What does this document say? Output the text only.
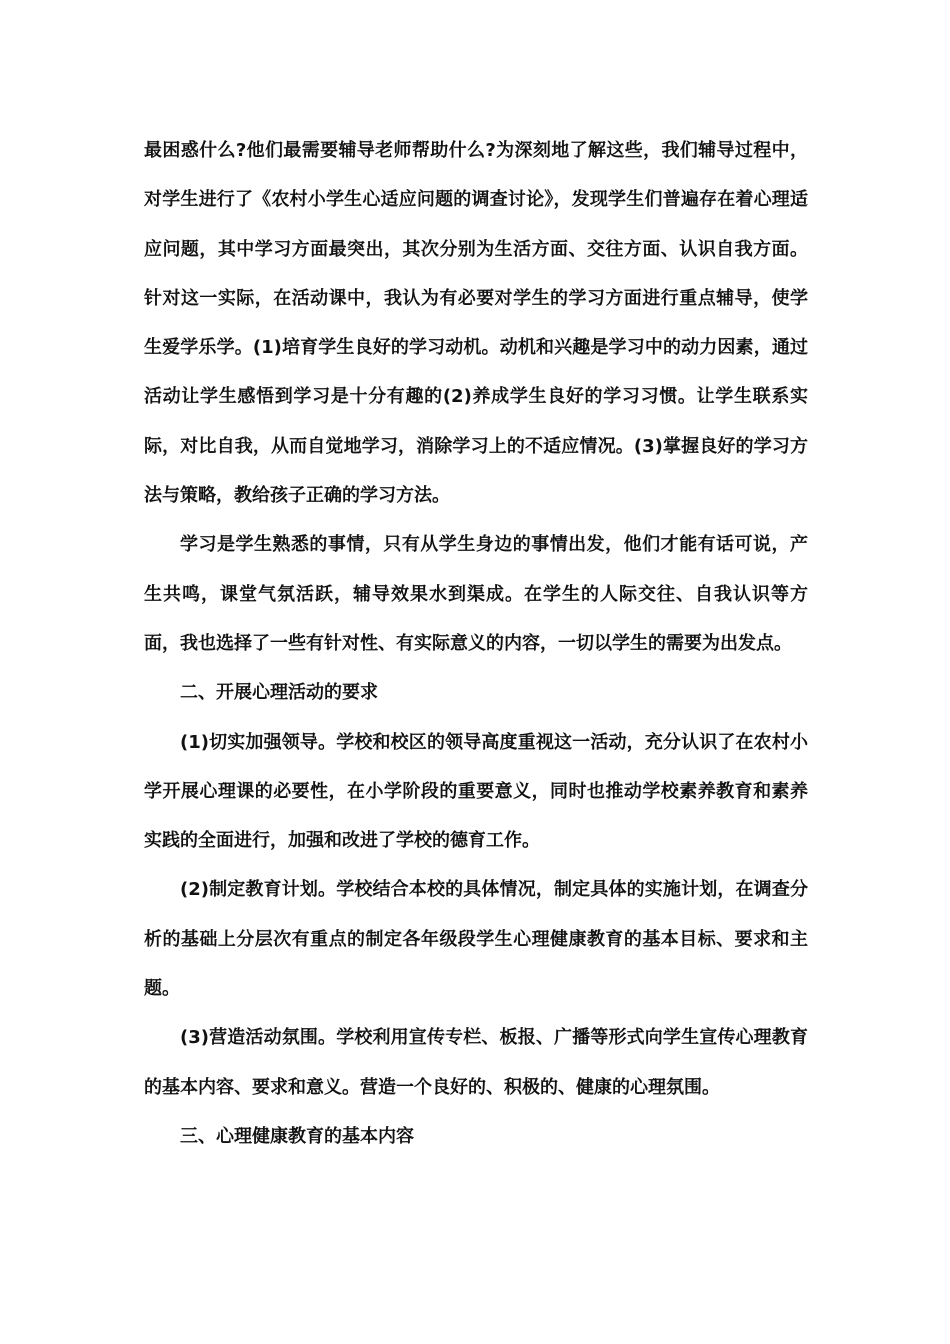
最困惑什么?他们最需要辅导老师帮助什么?为深刻地了解这些，我们辅导过程中，对学生进行了《农村小学生心适应问题的调查讨论》，发现学生们普遍存在着心理适应问题，其中学习方面最突出，其次分别为生活方面、交往方面、认识自我方面。针对这一实际，在活动课中，我认为有必要对学生的学习方面进行重点辅导，使学生爱学乐学。(1)培育学生良好的学习动机。动机和兴趣是学习中的动力因素，通过活动让学生感悟到学习是十分有趣的(2)养成学生良好的学习习惯。让学生联系实际，对比自我，从而自觉地学习，消除学习上的不适应情况。(3)掌握良好的学习方法与策略，教给孩子正确的学习方法。

学习是学生熟悉的事情，只有从学生身边的事情出发，他们才能有话可说，产生共鸣，课堂气氛活跃，辅导效果水到渠成。在学生的人际交往、自我认识等方面，我也选择了一些有针对性、有实际意义的内容，一切以学生的需要为出发点。

二、开展心理活动的要求

(1)切实加强领导。学校和校区的领导高度重视这一活动，充分认识了在农村小学开展心理课的必要性，在小学阶段的重要意义，同时也推动学校素养教育和素养实践的全面进行，加强和改进了学校的德育工作。

(2)制定教育计划。学校结合本校的具体情况，制定具体的实施计划，在调查分析的基础上分层次有重点的制定各年级段学生心理健康教育的基本目标、要求和主题。

(3)营造活动氛围。学校利用宣传专栏、板报、广播等形式向学生宣传心理教育的基本内容、要求和意义。营造一个良好的、积极的、健康的心理氛围。

三、心理健康教育的基本内容
